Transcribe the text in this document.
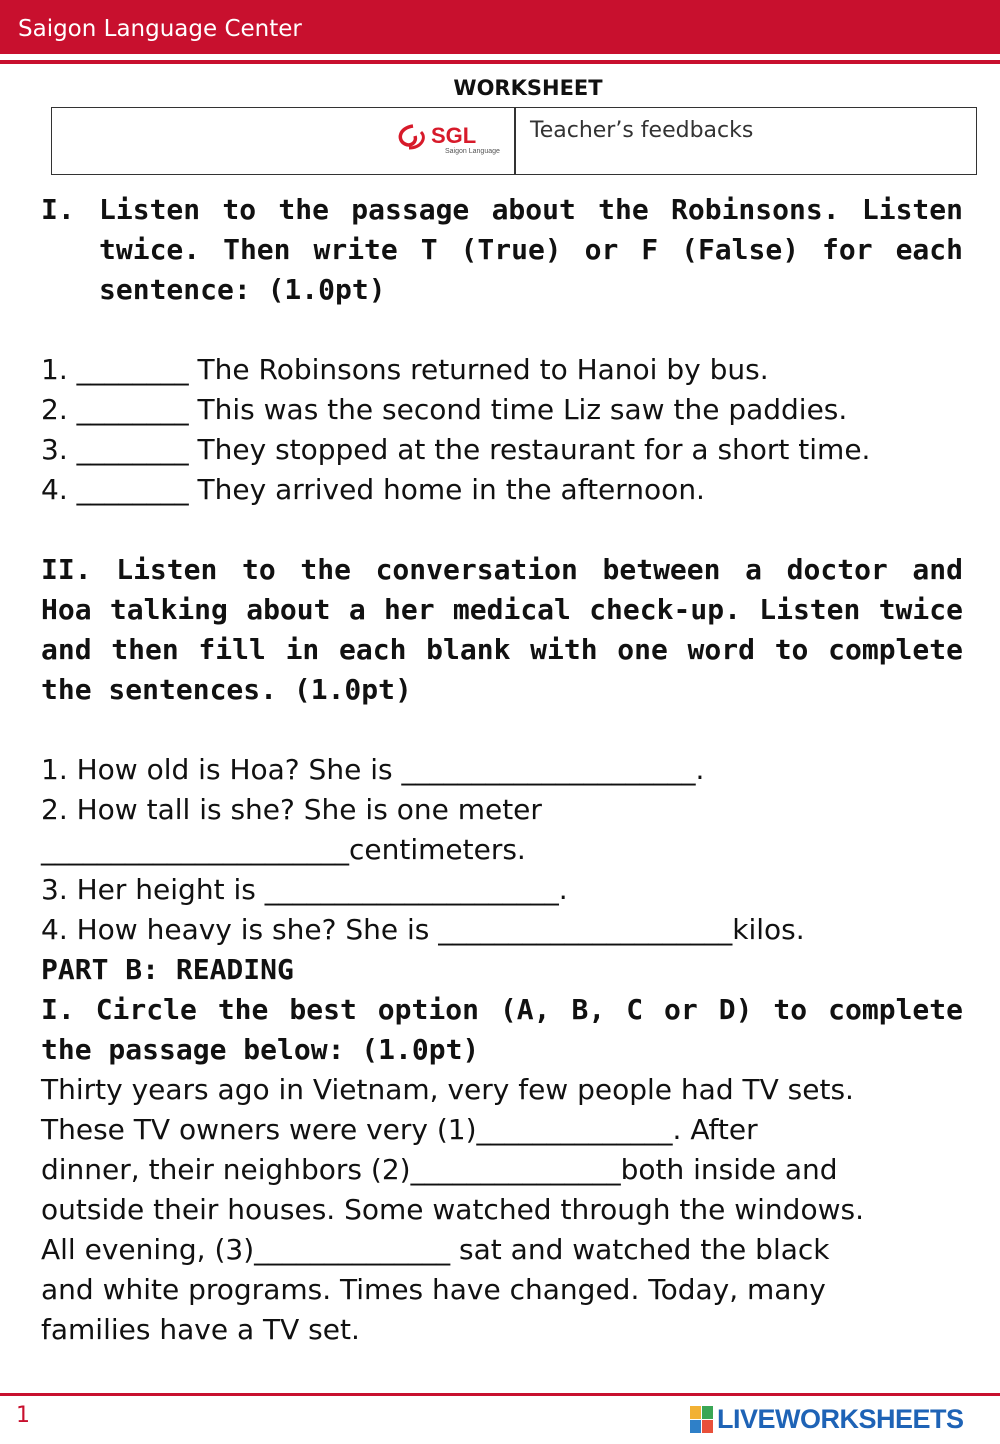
Saigon Language Center
WORKSHEET
SGL
Saigon Language
Teacher’s feedbacks
I. Listen to the passage about the Robinsons. Listen twice. Then write T (True) or F (False) for each sentence: (1.0pt)

1. ________ The Robinsons returned to Hanoi by bus.

2. ________ This was the second time Liz saw the paddies.

3. ________ They stopped at the restaurant for a short time.

4. ________ They arrived home in the afternoon.

II. Listen to the conversation between a doctor and Hoa talking about a her medical check-up. Listen twice and then fill in each blank with one word to complete the sentences. (1.0pt)

1. How old is Hoa? She is _____________________.

2. How tall is she? She is one meter

______________________centimeters.

3. Her height is _____________________.

4. How heavy is she? She is _____________________kilos.

PART B: READING

I. Circle the best option (A, B, C or D) to complete the passage below: (1.0pt)

Thirty years ago in Vietnam, very few people had TV sets.

These TV owners were very (1)______________. After

dinner, their neighbors (2)_______________both inside and

outside their houses. Some watched through the windows.

All evening, (3)______________ sat and watched the black

and white programs. Times have changed. Today, many

families have a TV set.

1	LIVEWORKSHEETS
